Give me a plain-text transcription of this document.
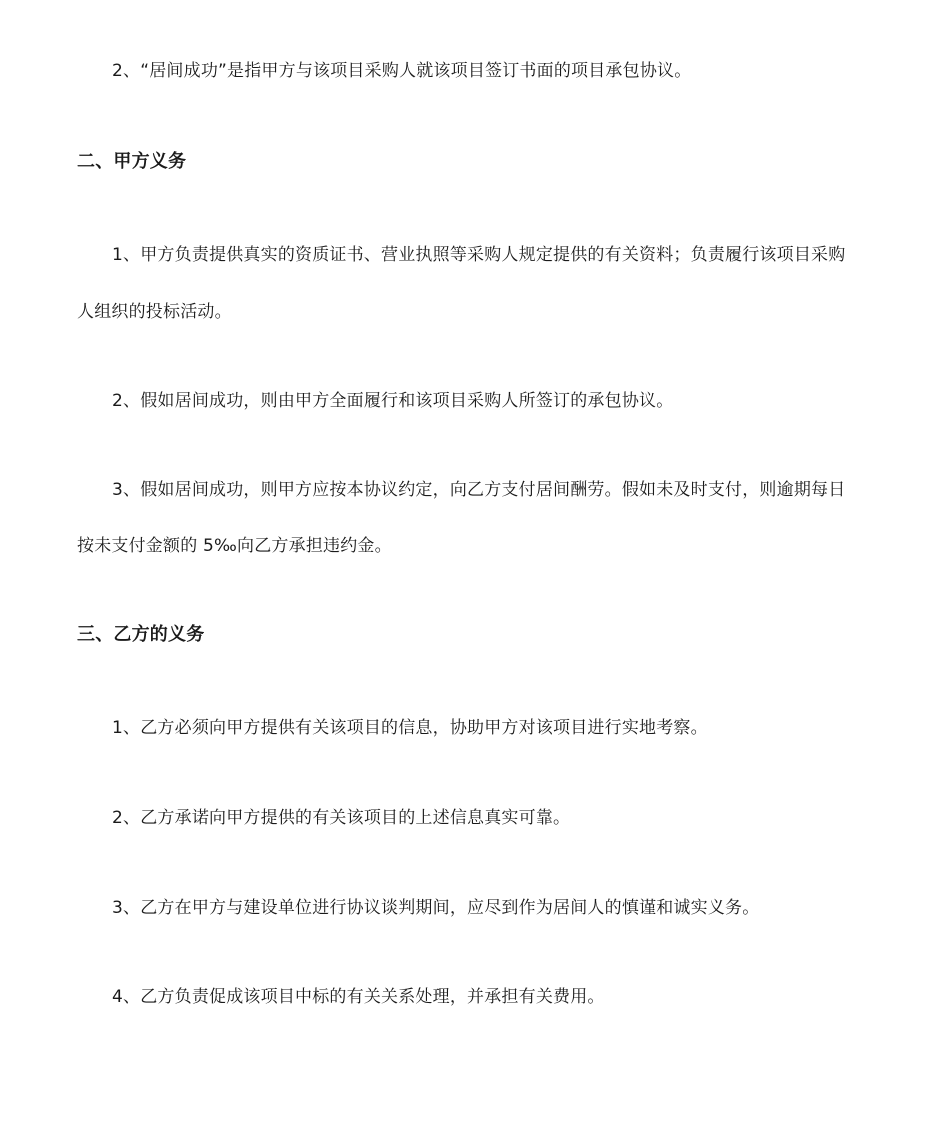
2、“居间成功”是指甲方与该项目采购人就该项目签订书面的项目承包协议。
二、甲方义务
1、甲方负责提供真实的资质证书、营业执照等采购人规定提供的有关资料；负责履行该项目采购
人组织的投标活动。
2、假如居间成功，则由甲方全面履行和该项目采购人所签订的承包协议。
3、假如居间成功，则甲方应按本协议约定，向乙方支付居间酬劳。假如未及时支付，则逾期每日
按未支付金额的 5‰向乙方承担违约金。
三、乙方的义务
1、乙方必须向甲方提供有关该项目的信息，协助甲方对该项目进行实地考察。
2、乙方承诺向甲方提供的有关该项目的上述信息真实可靠。
3、乙方在甲方与建设单位进行协议谈判期间，应尽到作为居间人的慎谨和诚实义务。
4、乙方负责促成该项目中标的有关关系处理，并承担有关费用。
